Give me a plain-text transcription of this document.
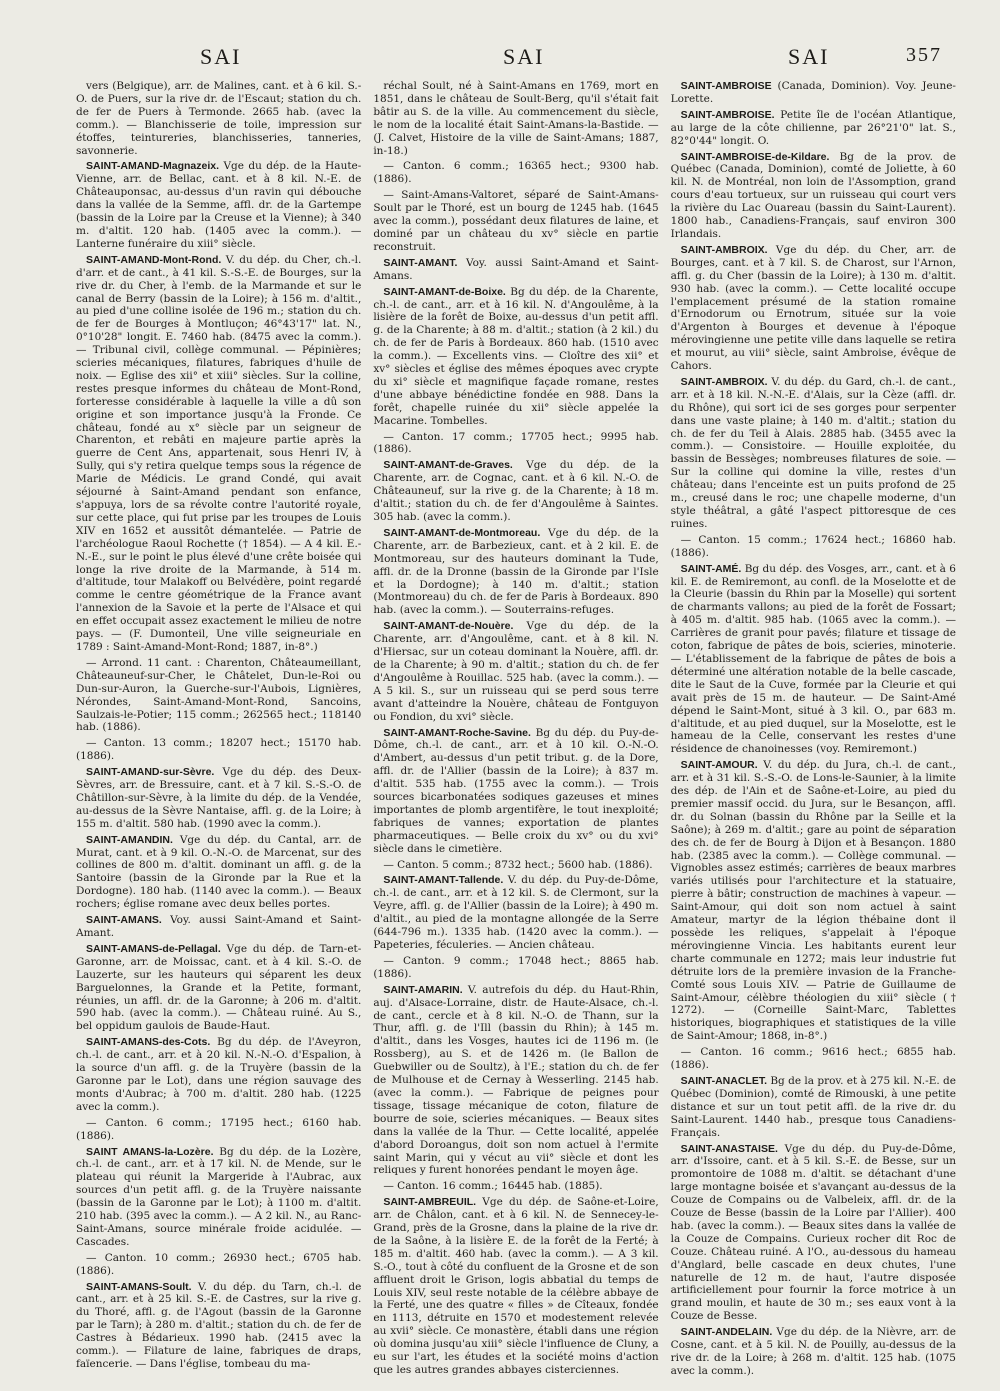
SAI	SAI	SAI	357

vers (Belgique), arr. de Malines, cant. et à 6 kil. S.-O. de Puers, sur la rive dr. de l'Escaut; station du ch. de fer de Puers à Termonde. 2665 hab. (avec la comm.). — Blanchisserie de toile, impression sur étoffes, teintureries, blanchisseries, tanneries, savonnerie.

SAINT-AMAND-Magnazeix. Vge du dép. de la Haute-Vienne, arr. de Bellac, cant. et à 8 kil. N.-E. de Châteauponsac, au-dessus d'un ravin qui débouche dans la vallée de la Semme, affl. dr. de la Gartempe (bassin de la Loire par la Creuse et la Vienne); à 340 m. d'altit. 120 hab. (1405 avec la comm.). — Lanterne funéraire du xiii° siècle.

SAINT-AMAND-Mont-Rond. V. du dép. du Cher, ch.-l. d'arr. et de cant., à 41 kil. S.-S.-E. de Bourges, sur la rive dr. du Cher, à l'emb. de la Marmande et sur le canal de Berry (bassin de la Loire); à 156 m. d'altit., au pied d'une colline isolée de 196 m.; station du ch. de fer de Bourges à Montluçon; 46°43'17" lat. N., 0°10'28" longit. E. 7460 hab. (8475 avec la comm.). — Tribunal civil, collège communal. — Pépinières; scieries mécaniques, filatures, fabriques d'huile de noix. — Eglise des xii° et xiii° siècles. Sur la colline, restes presque informes du château de Mont-Rond, forteresse considérable à laquelle la ville a dû son origine et son importance jusqu'à la Fronde. Ce château, fondé au x° siècle par un seigneur de Charenton, et rebâti en majeure partie après la guerre de Cent Ans, appartenait, sous Henri IV, à Sully, qui s'y retira quelque temps sous la régence de Marie de Médicis. Le grand Condé, qui avait séjourné à Saint-Amand pendant son enfance, s'appuya, lors de sa révolte contre l'autorité royale, sur cette place, qui fut prise par les troupes de Louis XIV en 1652 et aussitôt démantelée. — Patrie de l'archéologue Raoul Rochette († 1854). — A 4 kil. E.-N.-E., sur le point le plus élevé d'une crête boisée qui longe la rive droite de la Marmande, à 514 m. d'altitude, tour Malakoff ou Belvédère, point regardé comme le centre géométrique de la France avant l'annexion de la Savoie et la perte de l'Alsace et qui en effet occupait assez exactement le milieu de notre pays. — (F. Dumonteil, Une ville seigneuriale en 1789 : Saint-Amand-Mont-Rond; 1887, in-8°.)

— Arrond. 11 cant. : Charenton, Châteaumeillant, Châteauneuf-sur-Cher, le Châtelet, Dun-le-Roi ou Dun-sur-Auron, la Guerche-sur-l'Aubois, Lignières, Nérondes, Saint-Amand-Mont-Rond, Sancoins, Saulzais-le-Potier; 115 comm.; 262565 hect.; 118140 hab. (1886).

— Canton. 13 comm.; 18207 hect.; 15170 hab. (1886).

SAINT-AMAND-sur-Sèvre. Vge du dép. des Deux-Sèvres, arr. de Bressuire, cant. et à 7 kil. S.-S.-O. de Châtillon-sur-Sèvre, à la limite du dép. de la Vendée, au-dessus de la Sèvre Nantaise, affl. g. de la Loire; à 155 m. d'altit. 580 hab. (1990 avec la comm.).

SAINT-AMANDIN. Vge du dép. du Cantal, arr. de Murat, cant. et à 9 kil. O.-N.-O. de Marcenat, sur des collines de 800 m. d'altit. dominant un affl. g. de la Santoire (bassin de la Gironde par la Rue et la Dordogne). 180 hab. (1140 avec la comm.). — Beaux rochers; église romane avec deux belles portes.

SAINT-AMANS. Voy. aussi Saint-Amand et Saint-Amant.

SAINT-AMANS-de-Pellagal. Vge du dép. de Tarn-et-Garonne, arr. de Moissac, cant. et à 4 kil. S.-O. de Lauzerte, sur les hauteurs qui séparent les deux Barguelonnes, la Grande et la Petite, formant, réunies, un affl. dr. de la Garonne; à 206 m. d'altit. 590 hab. (avec la comm.). — Château ruiné. Au S., bel oppidum gaulois de Baude-Haut.

SAINT-AMANS-des-Cots. Bg du dép. de l'Aveyron, ch.-l. de cant., arr. et à 20 kil. N.-N.-O. d'Espalion, à la source d'un affl. g. de la Truyère (bassin de la Garonne par le Lot), dans une région sauvage des monts d'Aubrac; à 700 m. d'altit. 280 hab. (1225 avec la comm.).

— Canton. 6 comm.; 17195 hect.; 6160 hab. (1886).

SAINT AMANS-la-Lozère. Bg du dép. de la Lozère, ch.-l. de cant., arr. et à 17 kil. N. de Mende, sur le plateau qui réunit la Margeride à l'Aubrac, aux sources d'un petit affl. g. de la Truyère naissante (bassin de la Garonne par le Lot); à 1100 m. d'altit. 210 hab. (395 avec la comm.). — A 2 kil. N., au Ranc-Saint-Amans, source minérale froide acidulée. — Cascades.

— Canton. 10 comm.; 26930 hect.; 6705 hab. (1886).

SAINT-AMANS-Soult. V. du dép. du Tarn, ch.-l. de cant., arr. et à 25 kil. S.-E. de Castres, sur la rive g. du Thoré, affl. g. de l'Agout (bassin de la Garonne par le Tarn); à 280 m. d'altit.; station du ch. de fer de Castres à Bédarieux. 1990 hab. (2415 avec la comm.). — Filature de laine, fabriques de draps, faïencerie. — Dans l'église, tombeau du ma-

réchal Soult, né à Saint-Amans en 1769, mort en 1851, dans le château de Soult-Berg, qu'il s'était fait bâtir au S. de la ville. Au commencement du siècle, le nom de la localité était Saint-Amans-la-Bastide. — (J. Calvet, Histoire de la ville de Saint-Amans; 1887, in-18.)

— Canton. 6 comm.; 16365 hect.; 9300 hab. (1886).

— Saint-Amans-Valtoret, séparé de Saint-Amans-Soult par le Thoré, est un bourg de 1245 hab. (1645 avec la comm.), possédant deux filatures de laine, et dominé par un château du xv° siècle en partie reconstruit.

SAINT-AMANT. Voy. aussi Saint-Amand et Saint-Amans.

SAINT-AMANT-de-Boixe. Bg du dép. de la Charente, ch.-l. de cant., arr. et à 16 kil. N. d'Angoulême, à la lisière de la forêt de Boixe, au-dessus d'un petit affl. g. de la Charente; à 88 m. d'altit.; station (à 2 kil.) du ch. de fer de Paris à Bordeaux. 860 hab. (1510 avec la comm.). — Excellents vins. — Cloître des xii° et xv° siècles et église des mêmes époques avec crypte du xi° siècle et magnifique façade romane, restes d'une abbaye bénédictine fondée en 988. Dans la forêt, chapelle ruinée du xii° siècle appelée la Macarine. Tombelles.

— Canton. 17 comm.; 17705 hect.; 9995 hab. (1886).

SAINT-AMANT-de-Graves. Vge du dép. de la Charente, arr. de Cognac, cant. et à 6 kil. N.-O. de Châteauneuf, sur la rive g. de la Charente; à 18 m. d'altit.; station du ch. de fer d'Angoulême à Saintes. 305 hab. (avec la comm.).

SAINT-AMANT-de-Montmoreau. Vge du dép. de la Charente, arr. de Barbezieux, cant. et à 2 kil. E. de Montmoreau, sur des hauteurs dominant la Tude, affl. dr. de la Dronne (bassin de la Gironde par l'Isle et la Dordogne); à 140 m. d'altit.; station (Montmoreau) du ch. de fer de Paris à Bordeaux. 890 hab. (avec la comm.). — Souterrains-refuges.

SAINT-AMANT-de-Nouère. Vge du dép. de la Charente, arr. d'Angoulême, cant. et à 8 kil. N. d'Hiersac, sur un coteau dominant la Nouère, affl. dr. de la Charente; à 90 m. d'altit.; station du ch. de fer d'Angoulême à Rouillac. 525 hab. (avec la comm.). — A 5 kil. S., sur un ruisseau qui se perd sous terre avant d'atteindre la Nouère, château de Fontguyon ou Fondion, du xvi° siècle.

SAINT-AMANT-Roche-Savine. Bg du dép. du Puy-de-Dôme, ch.-l. de cant., arr. et à 10 kil. O.-N.-O. d'Ambert, au-dessus d'un petit tribut. g. de la Dore, affl. dr. de l'Allier (bassin de la Loire); à 837 m. d'altit. 535 hab. (1755 avec la comm.). — Trois sources bicarbonatées sodiques gazeuses et mines importantes de plomb argentifère, le tout inexploité; fabriques de vannes; exportation de plantes pharmaceutiques. — Belle croix du xv° ou du xvi° siècle dans le cimetière.

— Canton. 5 comm.; 8732 hect.; 5600 hab. (1886).

SAINT-AMANT-Tallende. V. du dép. du Puy-de-Dôme, ch.-l. de cant., arr. et à 12 kil. S. de Clermont, sur la Veyre, affl. g. de l'Allier (bassin de la Loire); à 490 m. d'altit., au pied de la montagne allongée de la Serre (644-796 m.). 1335 hab. (1420 avec la comm.). — Papeteries, féculeries. — Ancien château.

— Canton. 9 comm.; 17048 hect.; 8865 hab. (1886).

SAINT-AMARIN. V. autrefois du dép. du Haut-Rhin, auj. d'Alsace-Lorraine, distr. de Haute-Alsace, ch.-l. de cant., cercle et à 8 kil. N.-O. de Thann, sur la Thur, affl. g. de l'Ill (bassin du Rhin); à 145 m. d'altit., dans les Vosges, hautes ici de 1196 m. (le Rossberg), au S. et de 1426 m. (le Ballon de Guebwiller ou de Soultz), à l'E.; station du ch. de fer de Mulhouse et de Cernay à Wesserling. 2145 hab. (avec la comm.). — Fabrique de peignes pour tissage, tissage mécanique de coton, filature de bourre de soie, scieries mécaniques. — Beaux sites dans la vallée de la Thur. — Cette localité, appelée d'abord Doroangus, doit son nom actuel à l'ermite saint Marin, qui y vécut au vii° siècle et dont les reliques y furent honorées pendant le moyen âge.

— Canton. 16 comm.; 16445 hab. (1885).

SAINT-AMBREUIL. Vge du dép. de Saône-et-Loire, arr. de Châlon, cant. et à 6 kil. N. de Sennecey-le-Grand, près de la Grosne, dans la plaine de la rive dr. de la Saône, à la lisière E. de la forêt de la Ferté; à 185 m. d'altit. 460 hab. (avec la comm.). — A 3 kil. S.-O., tout à côté du confluent de la Grosne et de son affluent droit le Grison, logis abbatial du temps de Louis XIV, seul reste notable de la célèbre abbaye de la Ferté, une des quatre « filles » de Cîteaux, fondée en 1113, détruite en 1570 et modestement relevée au xvii° siècle. Ce monastère, établi dans une région où domina jusqu'au xiii° siècle l'influence de Cluny, a eu sur l'art, les études et la société moins d'action que les autres grandes abbayes cisterciennes.

SAINT-AMBROISE (Canada, Dominion). Voy. Jeune-Lorette.

SAINT-AMBROISE. Petite île de l'océan Atlantique, au large de la côte chilienne, par 26°21'0" lat. S., 82°0'44" longit. O.

SAINT-AMBROISE-de-Kildare. Bg de la prov. de Québec (Canada, Dominion), comté de Joliette, à 60 kil. N. de Montréal, non loin de l'Assomption, grand cours d'eau tortueux, sur un ruisseau qui court vers la rivière du Lac Ouareau (bassin du Saint-Laurent). 1800 hab., Canadiens-Français, sauf environ 300 Irlandais.

SAINT-AMBROIX. Vge du dép. du Cher, arr. de Bourges, cant. et à 7 kil. S. de Charost, sur l'Arnon, affl. g. du Cher (bassin de la Loire); à 130 m. d'altit. 930 hab. (avec la comm.). — Cette localité occupe l'emplacement présumé de la station romaine d'Ernodorum ou Ernotrum, située sur la voie d'Argenton à Bourges et devenue à l'époque mérovingienne une petite ville dans laquelle se retira et mourut, au viii° siècle, saint Ambroise, évêque de Cahors.

SAINT-AMBROIX. V. du dép. du Gard, ch.-l. de cant., arr. et à 18 kil. N.-N.-E. d'Alais, sur la Cèze (affl. dr. du Rhône), qui sort ici de ses gorges pour serpenter dans une vaste plaine; à 140 m. d'altit.; station du ch. de fer du Teil à Alais. 2885 hab. (3455 avec la comm.). — Consistoire. — Houille exploitée, du bassin de Bessèges; nombreuses filatures de soie. — Sur la colline qui domine la ville, restes d'un château; dans l'enceinte est un puits profond de 25 m., creusé dans le roc; une chapelle moderne, d'un style théâtral, a gâté l'aspect pittoresque de ces ruines.

— Canton. 15 comm.; 17624 hect.; 16860 hab. (1886).

SAINT-AMÉ. Bg du dép. des Vosges, arr., cant. et à 6 kil. E. de Remiremont, au confl. de la Moselotte et de la Cleurie (bassin du Rhin par la Moselle) qui sortent de charmants vallons; au pied de la forêt de Fossart; à 405 m. d'altit. 985 hab. (1065 avec la comm.). — Carrières de granit pour pavés; filature et tissage de coton, fabrique de pâtes de bois, scieries, minoterie. — L'établissement de la fabrique de pâtes de bois a déterminé une altération notable de la belle cascade, dite le Saut de la Cuve, formée par la Cleurie et qui avait près de 15 m. de hauteur. — De Saint-Amé dépend le Saint-Mont, situé à 3 kil. O., par 683 m. d'altitude, et au pied duquel, sur la Moselotte, est le hameau de la Celle, conservant les restes d'une résidence de chanoinesses (voy. Remiremont.)

SAINT-AMOUR. V. du dép. du Jura, ch.-l. de cant., arr. et à 31 kil. S.-S.-O. de Lons-le-Saunier, à la limite des dép. de l'Ain et de Saône-et-Loire, au pied du premier massif occid. du Jura, sur le Besançon, affl. dr. du Solnan (bassin du Rhône par la Seille et la Saône); à 269 m. d'altit.; gare au point de séparation des ch. de fer de Bourg à Dijon et à Besançon. 1880 hab. (2385 avec la comm.). — Collège communal. — Vignobles assez estimés; carrières de beaux marbres variés utilisés pour l'architecture et la statuaire, pierre à bâtir; construction de machines à vapeur. — Saint-Amour, qui doit son nom actuel à saint Amateur, martyr de la légion thébaine dont il possède les reliques, s'appelait à l'époque mérovingienne Vincia. Les habitants eurent leur charte communale en 1272; mais leur industrie fut détruite lors de la première invasion de la Franche-Comté sous Louis XIV. — Patrie de Guillaume de Saint-Amour, célèbre théologien du xiii° siècle († 1272). — (Corneille Saint-Marc, Tablettes historiques, biographiques et statistiques de la ville de Saint-Amour; 1868, in-8°.)

— Canton. 16 comm.; 9616 hect.; 6855 hab. (1886).

SAINT-ANACLET. Bg de la prov. et à 275 kil. N.-E. de Québec (Dominion), comté de Rimouski, à une petite distance et sur un tout petit affl. de la rive dr. du Saint-Laurent. 1440 hab., presque tous Canadiens-Français.

SAINT-ANASTAISE. Vge du dép. du Puy-de-Dôme, arr. d'Issoire, cant. et à 5 kil. S.-E. de Besse, sur un promontoire de 1088 m. d'altit. se détachant d'une large montagne boisée et s'avançant au-dessus de la Couze de Compains ou de Valbeleix, affl. dr. de la Couze de Besse (bassin de la Loire par l'Allier). 400 hab. (avec la comm.). — Beaux sites dans la vallée de la Couze de Compains. Curieux rocher dit Roc de Couze. Château ruiné. A l'O., au-dessous du hameau d'Anglard, belle cascade en deux chutes, l'une naturelle de 12 m. de haut, l'autre disposée artificiellement pour fournir la force motrice à un grand moulin, et haute de 30 m.; ses eaux vont à la Couze de Besse.

SAINT-ANDELAIN. Vge du dép. de la Nièvre, arr. de Cosne, cant. et à 5 kil. N. de Pouilly, au-dessus de la rive dr. de la Loire; à 268 m. d'altit. 125 hab. (1075 avec la comm.).
